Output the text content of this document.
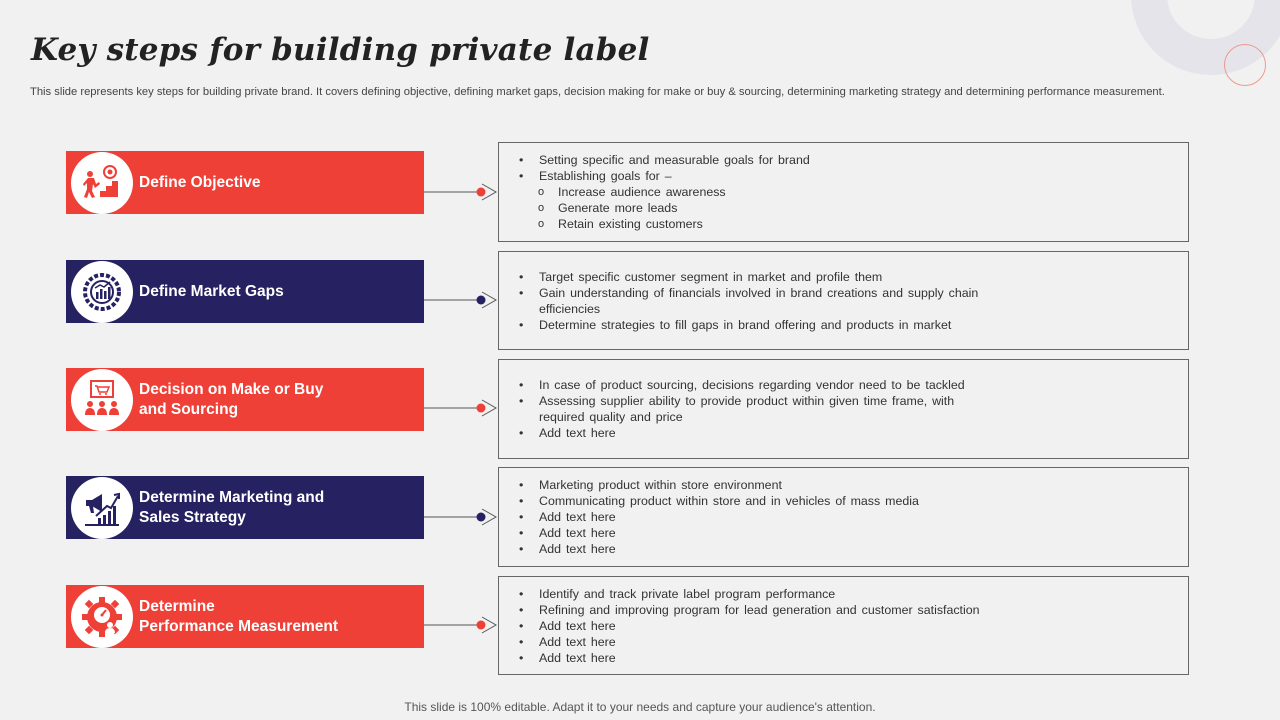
Key steps for building private label

This slide represents key steps for building private brand. It covers defining objective, defining market gaps, decision making for make or buy & sourcing, determining marketing strategy and determining performance measurement.

Define Objective
Define Market Gaps
Decision on Make or Buy
and Sourcing
Determine Marketing and
Sales Strategy
Determine
Performance Measurement
• Setting specific and measurable goals for brand
• Establishing goals for –
o Increase audience awareness
o Generate more leads
o Retain existing customers
• Target specific customer segment in market and profile them
• Gain understanding of financials involved in brand creations and supply chain efficiencies
• Determine strategies to fill gaps in brand offering and products in market
• In case of product sourcing, decisions regarding vendor need to be tackled
• Assessing supplier ability to provide product within given time frame, with required quality and price
• Add text here
• Marketing product within store environment
• Communicating product within store and in vehicles of mass media
• Add text here
• Add text here
• Add text here
• Identify and track private label program performance
• Refining and improving program for lead generation and customer satisfaction
• Add text here
• Add text here
• Add text here
This slide is 100% editable. Adapt it to your needs and capture your audience's attention.
